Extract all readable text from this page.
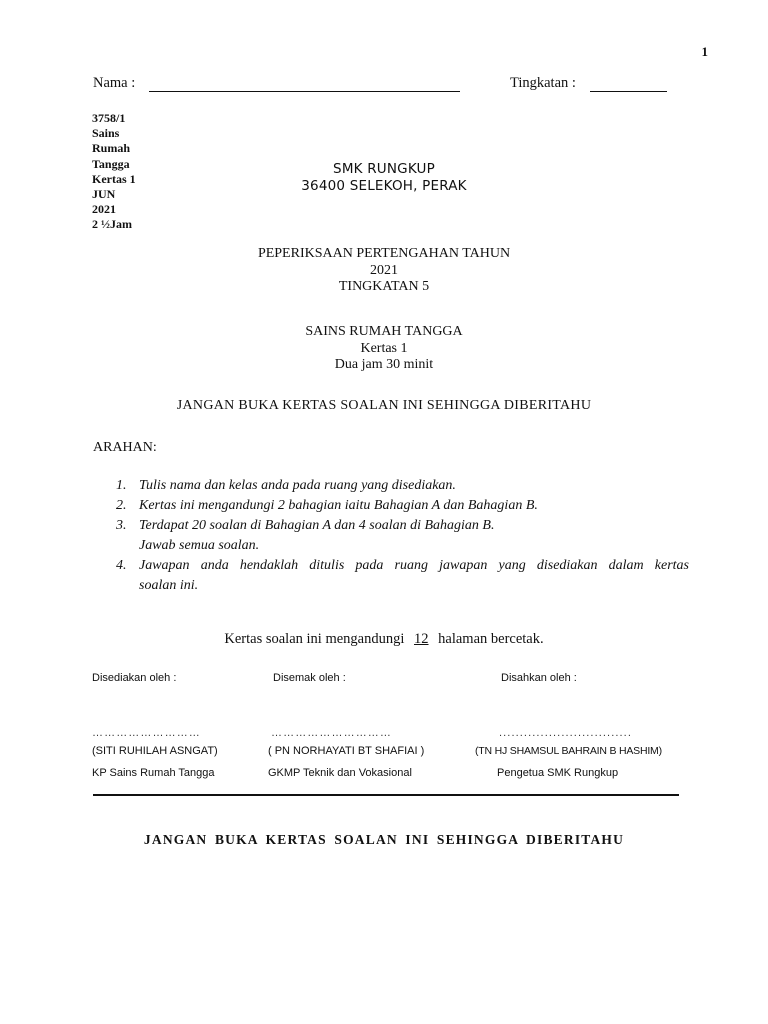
1
Nama :	Tingkatan :
3758/1
Sains
Rumah
Tangga
Kertas 1
JUN
2021
2 ½Jam
SMK RUNGKUP
36400 SELEKOH, PERAK
PEPERIKSAAN PERTENGAHAN TAHUN
2021
TINGKATAN 5
SAINS RUMAH TANGGA
Kertas 1
Dua jam 30 minit
JANGAN BUKA KERTAS SOALAN INI SEHINGGA DIBERITAHU
ARAHAN:
1. Tulis nama dan kelas anda pada ruang yang disediakan.
2. Kertas ini mengandungi 2 bahagian iaitu Bahagian A dan Bahagian B.
3. Terdapat 20 soalan di Bahagian A dan 4 soalan di Bahagian B.
Jawab semua soalan.
4. Jawapan anda hendaklah ditulis pada ruang jawapan yang disediakan dalam kertas
soalan ini.
Kertas soalan ini mengandungi 12 halaman bercetak.
Disediakan oleh :
………………………
(SITI RUHILAH ASNGAT)
KP Sains Rumah Tangga
Disemak oleh :
…………………………
( PN NORHAYATI BT SHAFIAI )
GKMP Teknik dan Vokasional
Disahkan oleh :
................................
(TN HJ SHAMSUL BAHRAIN B HASHIM)
Pengetua SMK Rungkup
JANGAN BUKA KERTAS SOALAN INI SEHINGGA DIBERITAHU
